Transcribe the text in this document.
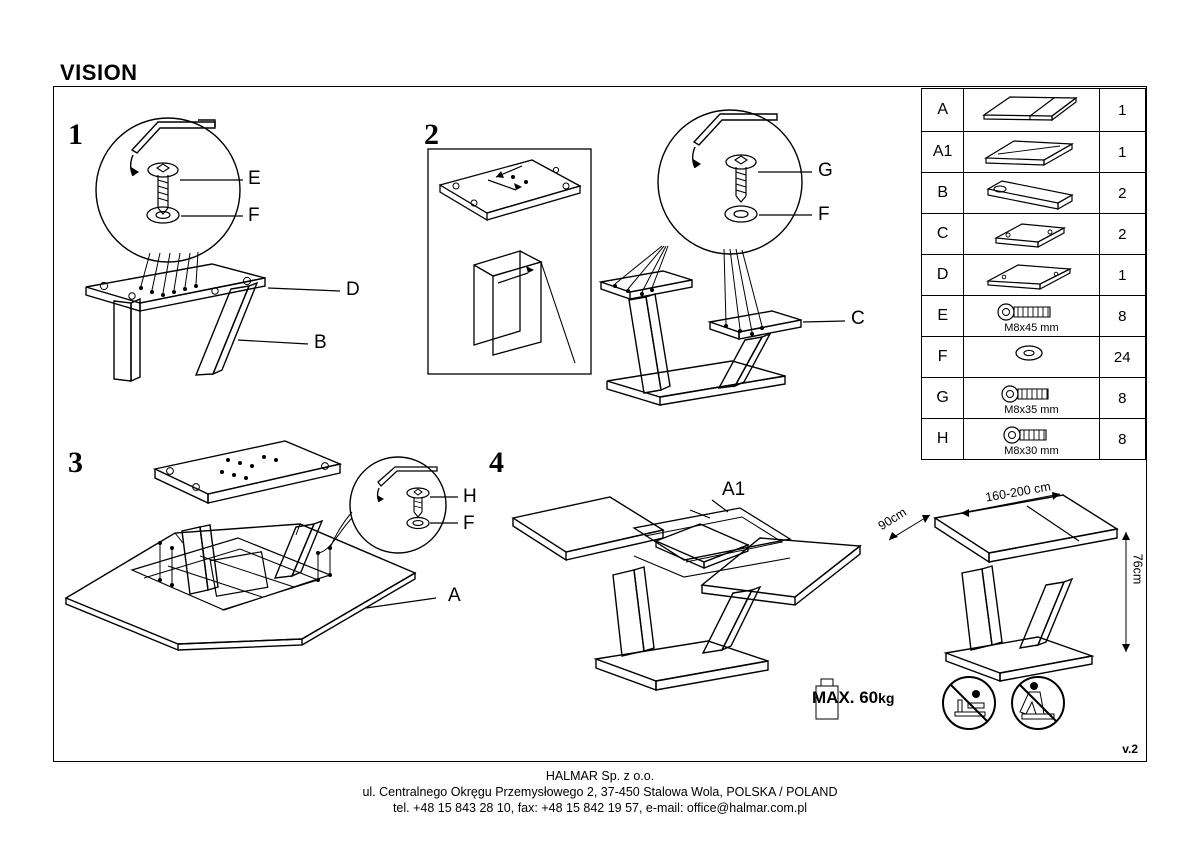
VISION
1
E
F
D
B
2
G
F
C
3
H
F
A
4
A1	160-200 cm
90cm
76cm
MAX. 60kg
A		1
A1		1
B		2
C		2
D		1
E	M8x45 mm	8
F		24
G	M8x35 mm	8
H	M8x30 mm	8
v.2
HALMAR Sp. z o.o.
ul. Centralnego Okręgu Przemysłowego 2, 37-450 Stalowa Wola, POLSKA / POLAND
tel. +48 15 843 28 10, fax: +48 15 842 19 57, e-mail: office@halmar.com.pl
